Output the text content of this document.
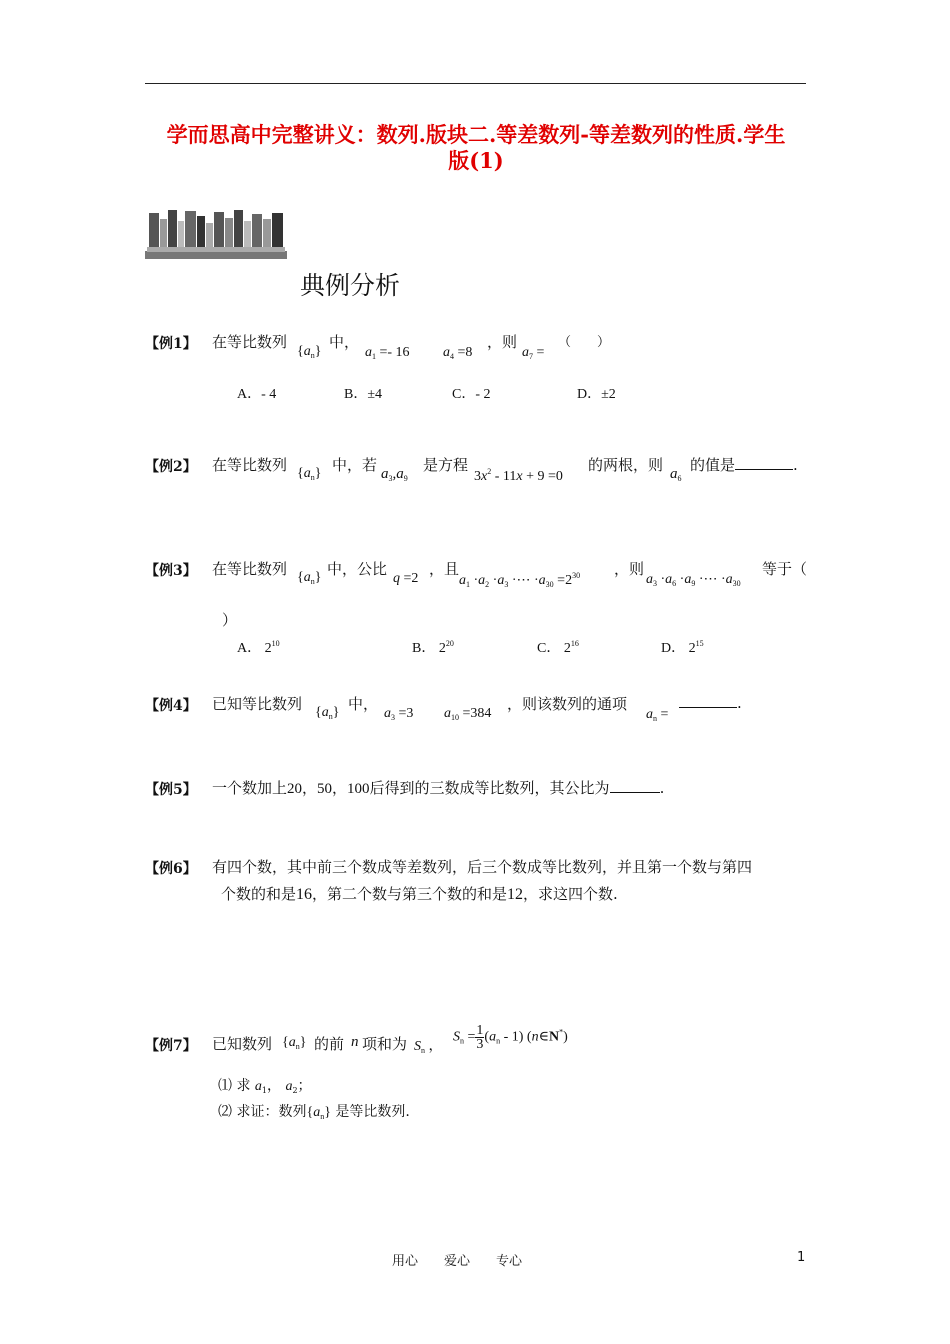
学而思高中完整讲义：数列.版块二.等差数列-等差数列的性质.学生
版(1)
典例分析
【例1】 在等比数列
$\{a_n\}$
中，
$a_1 =- 16$ $a_4 =8$
，则
$a_7$ =
（　　）
A．- 4	B．±4	C．- 2	D．±2
【例2】 在等比数列 $\{a_n\}$ 中，若 $a_3,a_9$
是方程
$3x^2 - 11x + 9 =0$
的两根，则 $a_6$
的值是	.
【例3】 在等比数列 $\{a_n\}$ 中，公比
q =2
，且
$a_1 \cdot a_2 \cdot a_3$ ·⋯ $\cdot a_{30} =2^{30}$ ，则
$a_3 \cdot a_6 \cdot a_9$ ·⋯ $\cdot a_{30}$
等于（
）
A． $2^{10}$	B． $2^{20}$	C． $2^{16}$	D． $2^{15}$
【例4】 已知等比数列 $\{a_n\}$ 中，
$a_3 =3$ $a_{10} =384$
，则该数列的通项
$a_n$ =
.
【例5】 一个数加上20，50，100后得到的三数成等比数列，其公比为	.
【例6】 有四个数，其中前三个数成等差数列，后三个数成等比数列，并且第一个数与第四
个数的和是16，第二个数与第三个数的和是12，求这四个数.
【例7】 已知数列 $\{a_n\}$ 的前 n 项和为 $S_n$ ，
$S_n = \frac{1}{3} (a_n - 1)$ (n∈N*)
⑴ 求 $a_1$， $a_2$；
⑵ 求证：数列$\{a_n\}$ 是等比数列.
用心　　爱心　　专心	1
